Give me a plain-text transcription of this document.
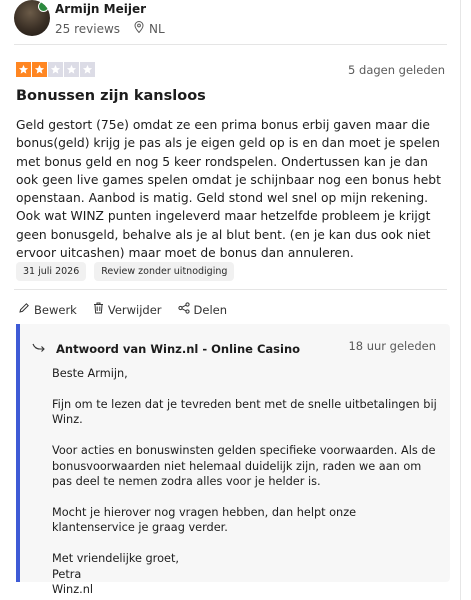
Armijn Meijer
25 reviews NL
5 dagen geleden
Bonussen zijn kansloos
Geld gestort (75e) omdat ze een prima bonus erbij gaven maar die bonus(geld) krijg je pas als je eigen geld op is en dan moet je spelen met bonus geld en nog 5 keer rondspelen. Ondertussen kan je dan ook geen live games spelen omdat je schijnbaar nog een bonus hebt openstaan. Aanbod is matig. Geld stond wel snel op mijn rekening. Ook wat WINZ punten ingeleverd maar hetzelfde probleem je krijgt geen bonusgeld, behalve als je al blut bent. (en je kan dus ook niet ervoor uitcashen) maar moet de bonus dan annuleren.
31 juli 2026	Review zonder uitnodiging
Bewerk	Verwijder	Delen
Antwoord van Winz.nl - Online Casino	18 uur geleden

Beste Armijn,

Fijn om te lezen dat je tevreden bent met de snelle uitbetalingen bij Winz.

Voor acties en bonuswinsten gelden specifieke voorwaarden. Als de bonusvoorwaarden niet helemaal duidelijk zijn, raden we aan om pas deel te nemen zodra alles voor je helder is.

Mocht je hierover nog vragen hebben, dan helpt onze klantenservice je graag verder.

Met vriendelijke groet,
Petra
Winz.nl
